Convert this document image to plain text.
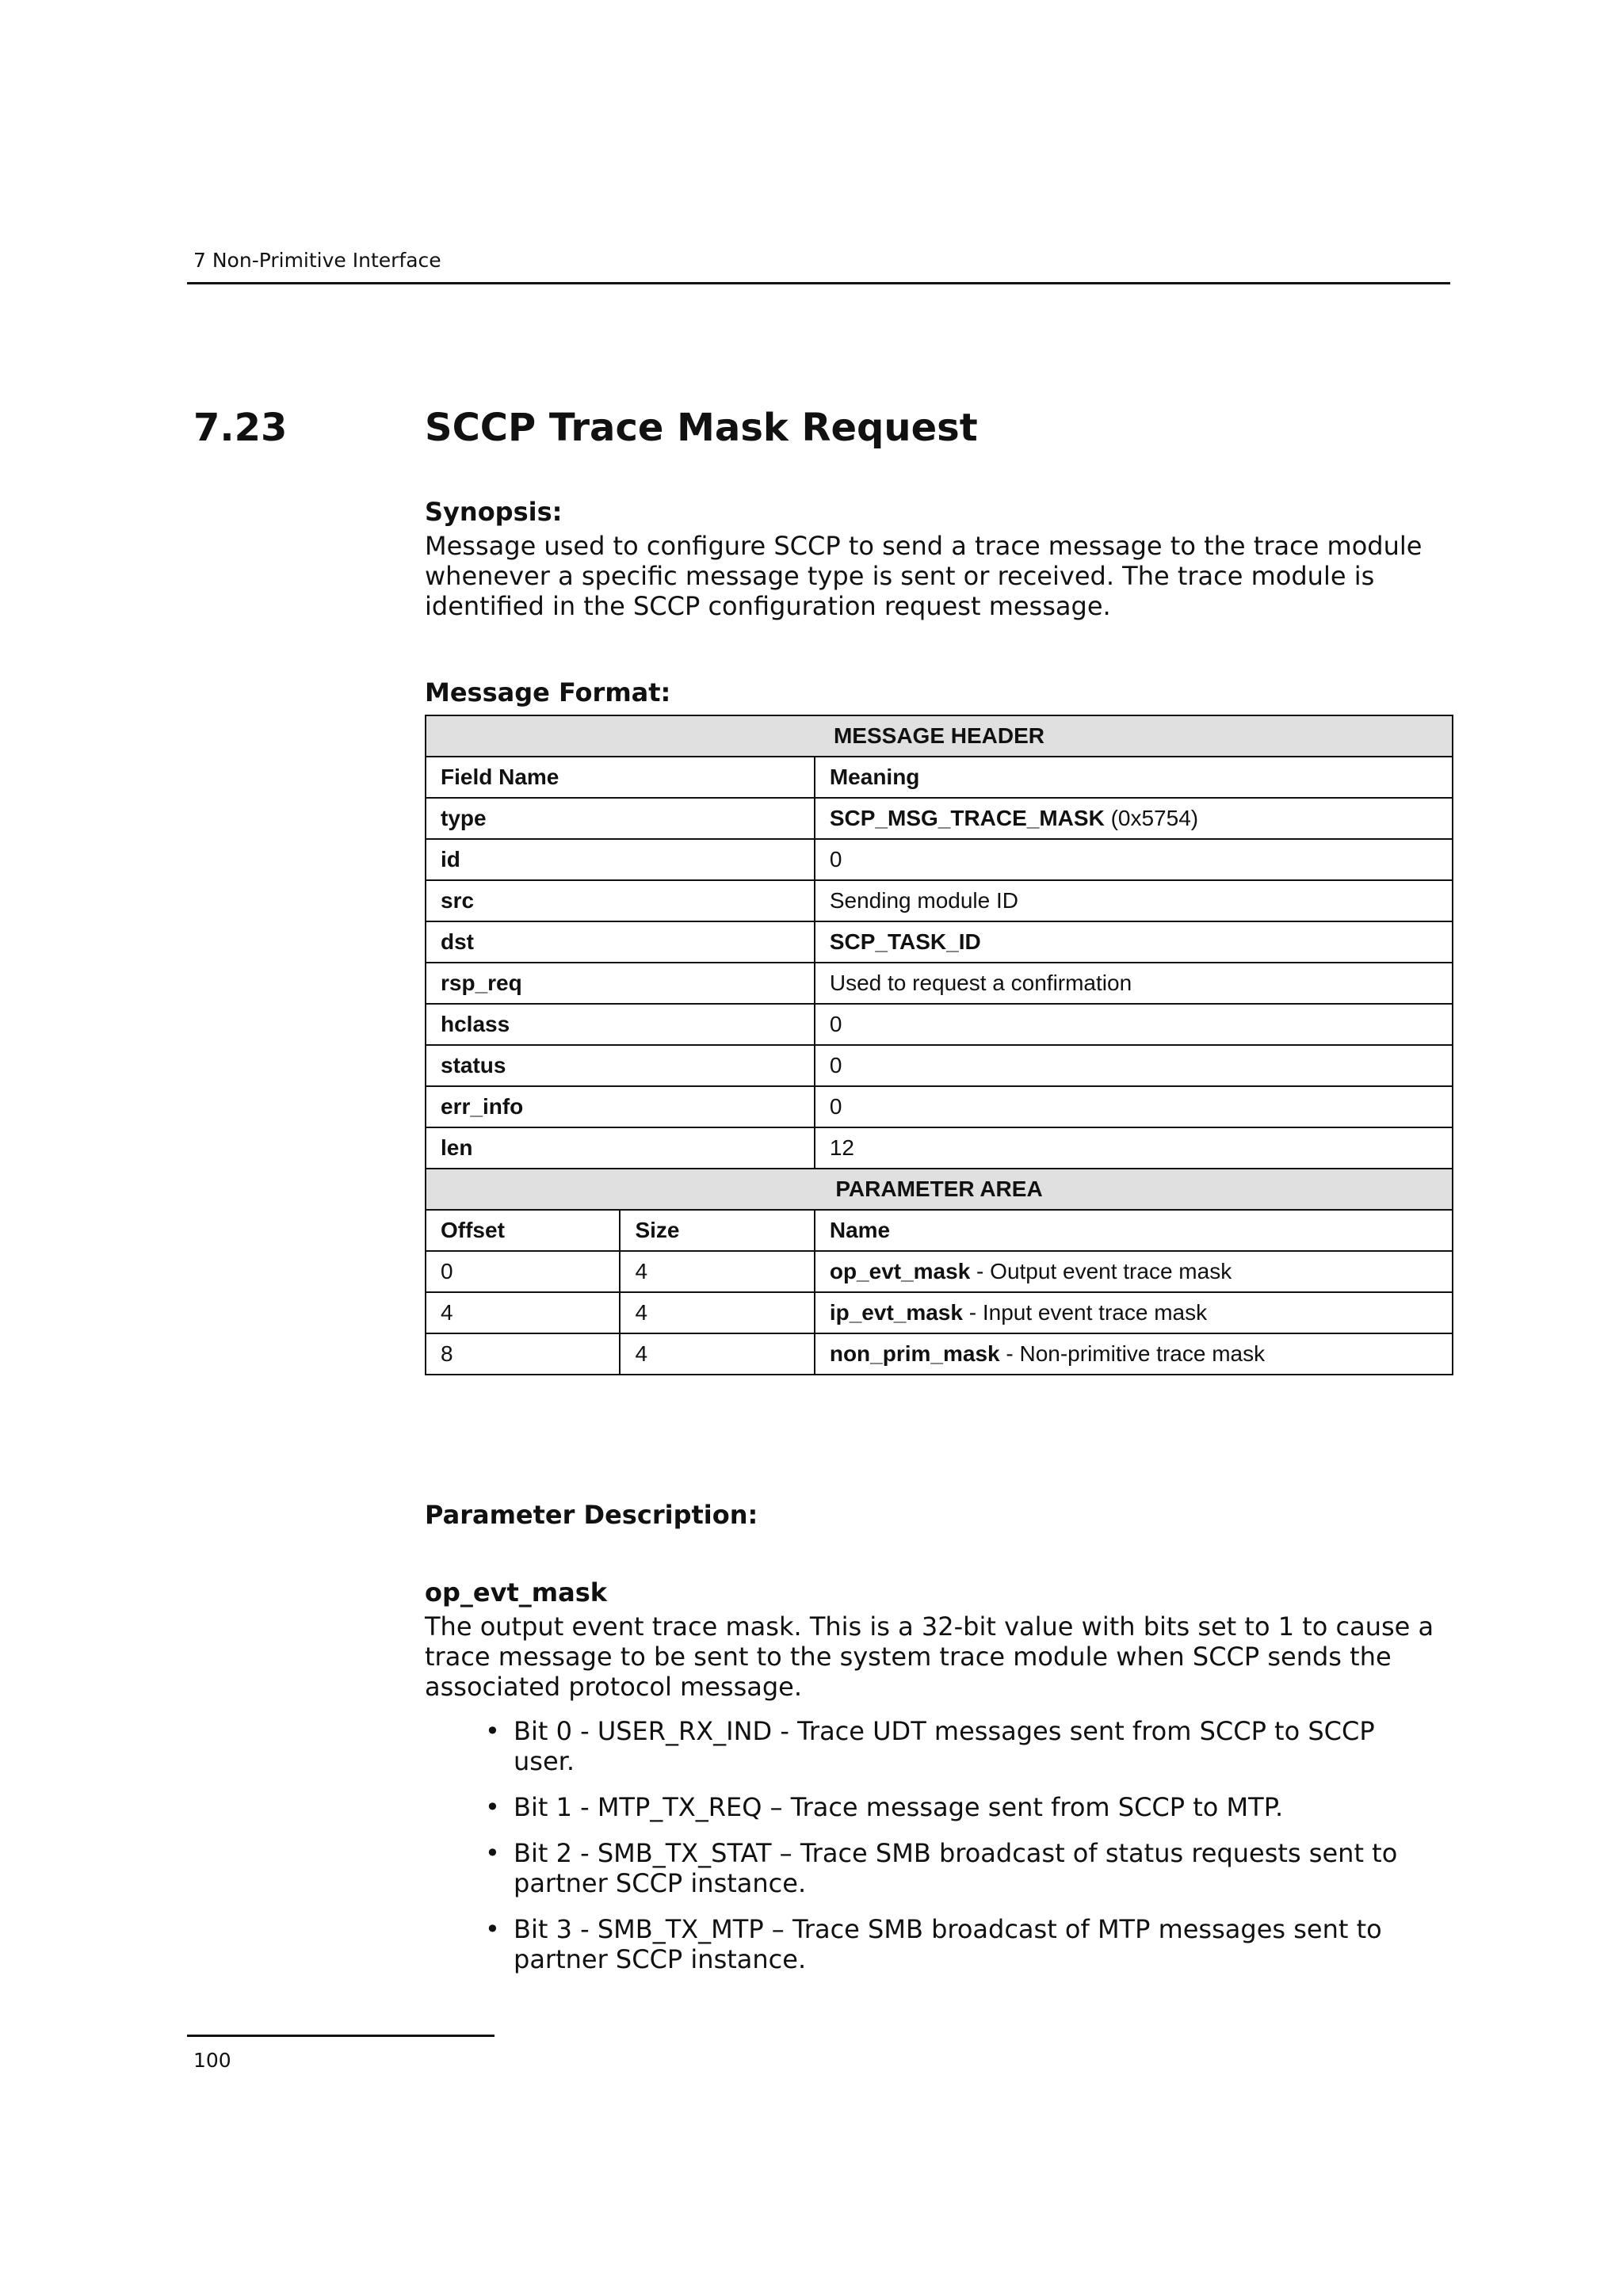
7 Non-Primitive Interface
7.23	SCCP Trace Mask Request

Synopsis:

Message used to configure SCCP to send a trace message to the trace module
whenever a specific message type is sent or received. The trace module is
identified in the SCCP configuration request message.

Message Format:

MESSAGE HEADER		
Field Name		Meaning
type		SCP_MSG_TRACE_MASK (0x5754)
id		0
src		Sending module ID
dst		SCP_TASK_ID
rsp_req		Used to request a confirmation
hclass		0
status		0
err_info		0
len		12
PARAMETER AREA		
Offset	Size	Name
0	4	op_evt_mask - Output event trace mask
4	4	ip_evt_mask - Input event trace mask
8	4	non_prim_mask - Non-primitive trace mask

Parameter Description:

op_evt_mask

The output event trace mask. This is a 32-bit value with bits set to 1 to cause a
trace message to be sent to the system trace module when SCCP sends the
associated protocol message.

• Bit 0 - USER_RX_IND - Trace UDT messages sent from SCCP to SCCP
user.
• Bit 1 - MTP_TX_REQ – Trace message sent from SCCP to MTP.
• Bit 2 - SMB_TX_STAT – Trace SMB broadcast of status requests sent to
partner SCCP instance.
• Bit 3 - SMB_TX_MTP – Trace SMB broadcast of MTP messages sent to
partner SCCP instance.
100
